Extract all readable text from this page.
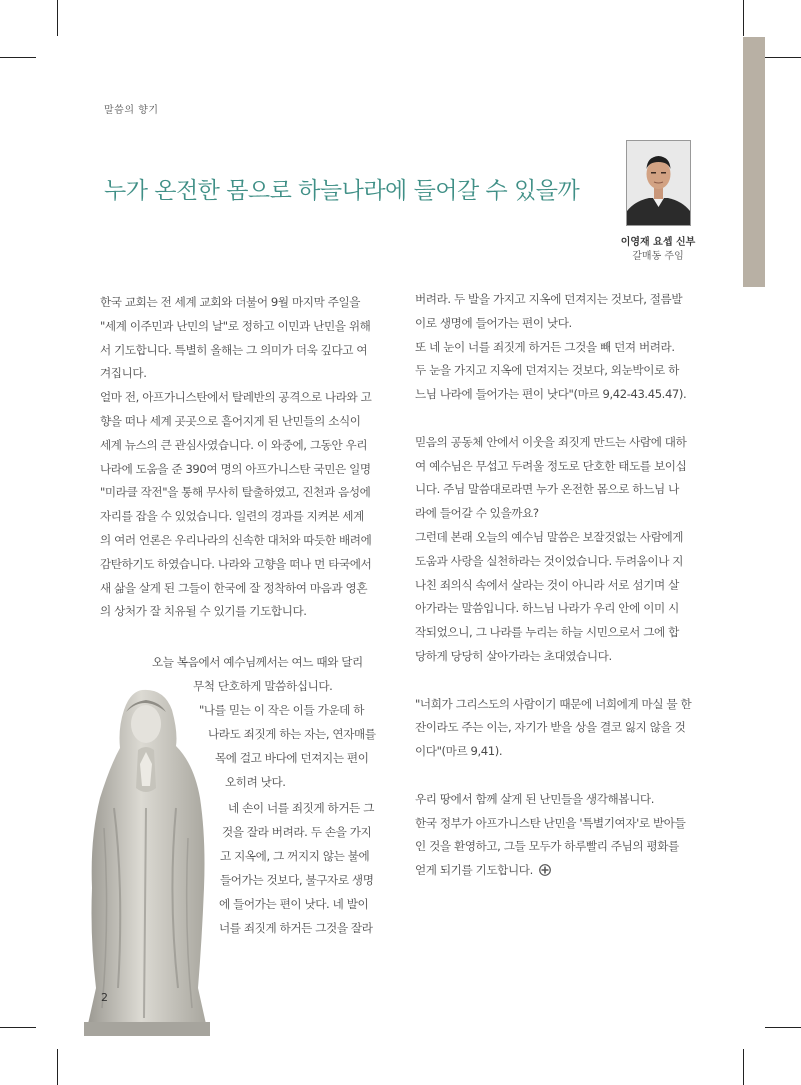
말씀의 향기
누가 온전한 몸으로 하늘나라에 들어갈 수 있을까
이영재 요셉 신부
갈매동 주임

한국 교회는 전 세계 교회와 더불어 9월 마지막 주일을

"세계 이주민과 난민의 날"로 정하고 이민과 난민을 위해

서 기도합니다. 특별히 올해는 그 의미가 더욱 깊다고 여

겨집니다.

얼마 전, 아프가니스탄에서 탈레반의 공격으로 나라와 고

향을 떠나 세계 곳곳으로 흩어지게 된 난민들의 소식이

세계 뉴스의 큰 관심사였습니다. 이 와중에, 그동안 우리

나라에 도움을 준 390여 명의 아프가니스탄 국민은 일명

"미라클 작전"을 통해 무사히 탈출하였고, 진천과 음성에

자리를 잡을 수 있었습니다. 일련의 경과를 지켜본 세계

의 여러 언론은 우리나라의 신속한 대처와 따듯한 배려에

감탄하기도 하였습니다. 나라와 고향을 떠나 먼 타국에서

새 삶을 살게 된 그들이 한국에 잘 정착하여 마음과 영혼

의 상처가 잘 치유될 수 있기를 기도합니다.

오늘 복음에서 예수님께서는 여느 때와 달리

무척 단호하게 말씀하십니다.

"나를 믿는 이 작은 이들 가운데 하

나라도 죄짓게 하는 자는, 연자매를

목에 걸고 바다에 던져지는 편이

오히려 낫다.

네 손이 너를 죄짓게 하거든 그

것을 잘라 버려라. 두 손을 가지

고 지옥에, 그 꺼지지 않는 불에

들어가는 것보다, 불구자로 생명

에 들어가는 편이 낫다. 네 발이

너를 죄짓게 하거든 그것을 잘라

버려라. 두 발을 가지고 지옥에 던져지는 것보다, 절름발

이로 생명에 들어가는 편이 낫다.

또 네 눈이 너를 죄짓게 하거든 그것을 빼 던져 버려라.

두 눈을 가지고 지옥에 던져지는 것보다, 외눈박이로 하

느님 나라에 들어가는 편이 낫다"(마르 9,42-43.45.47).

믿음의 공동체 안에서 이웃을 죄짓게 만드는 사람에 대하

여 예수님은 무섭고 두려울 정도로 단호한 태도를 보이십

니다. 주님 말씀대로라면 누가 온전한 몸으로 하느님 나

라에 들어갈 수 있을까요?

그런데 본래 오늘의 예수님 말씀은 보잘것없는 사람에게

도움과 사랑을 실천하라는 것이었습니다. 두려움이나 지

나친 죄의식 속에서 살라는 것이 아니라 서로 섬기며 살

아가라는 말씀입니다. 하느님 나라가 우리 안에 이미 시

작되었으니, 그 나라를 누리는 하늘 시민으로서 그에 합

당하게 당당히 살아가라는 초대였습니다.

"너희가 그리스도의 사람이기 때문에 너희에게 마실 물 한

잔이라도 주는 이는, 자기가 받을 상을 결코 잃지 않을 것

이다"(마르 9,41).

우리 땅에서 함께 살게 된 난민들을 생각해봅니다.

한국 정부가 아프가니스탄 난민을 '특별기여자'로 받아들

인 것을 환영하고, 그들 모두가 하루빨리 주님의 평화를

얻게 되기를 기도합니다.

2
